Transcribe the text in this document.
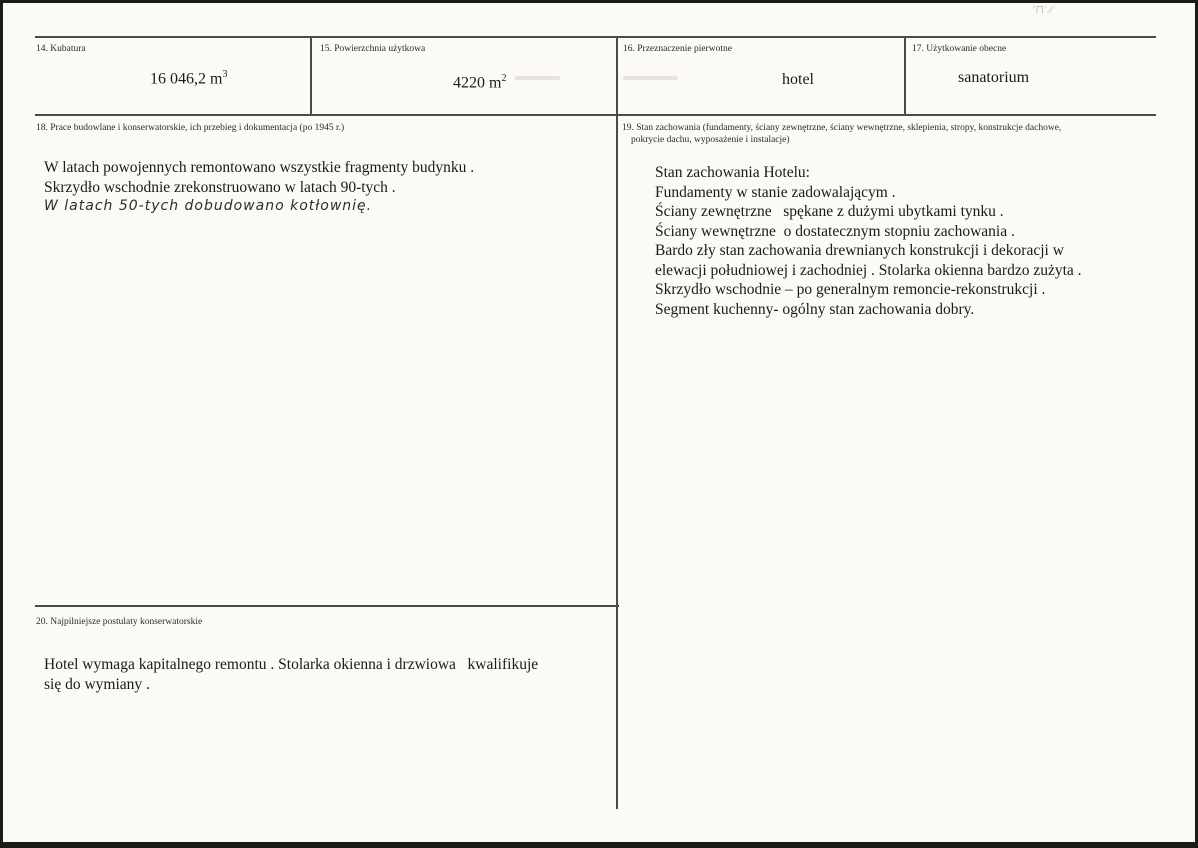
14. Kubatura
16 046,2 $m^3$
15. Powierzchnia użytkowa
4220 $m^2$
16. Przeznaczenie pierwotne
hotel
17. Użytkowanie obecne
sanatorium
ʹ⊓ʹ ⁄⁄
18. Prace budowlane i konserwatorskie, ich przebieg i dokumentacja (po 1945 r.)
W latach powojennych remontowano wszystkie fragmenty budynku .
Skrzydło wschodnie zrekonstruowano w latach 90-tych .
W latach 50-tych dobudowano kotłownię.
19. Stan zachowania (fundamenty, ściany zewnętrzne, ściany wewnętrzne, sklepienia, stropy, konstrukcje dachowe,
pokrycie dachu, wyposażenie i instalacje)
Stan zachowania Hotelu:
Fundamenty w stanie zadowalającym .
Ściany zewnętrzne   spękane z dużymi ubytkami tynku .
Ściany wewnętrzne  o dostatecznym stopniu zachowania .
Bardo zły stan zachowania drewnianych konstrukcji i dekoracji w
elewacji południowej i zachodniej . Stolarka okienna bardzo zużyta .
Skrzydło wschodnie – po generalnym remoncie-rekonstrukcji .
Segment kuchenny- ogólny stan zachowania dobry.
20. Najpilniejsze postulaty konserwatorskie
Hotel wymaga kapitalnego remontu . Stolarka okienna i drzwiowa   kwalifikuje
się do wymiany .
